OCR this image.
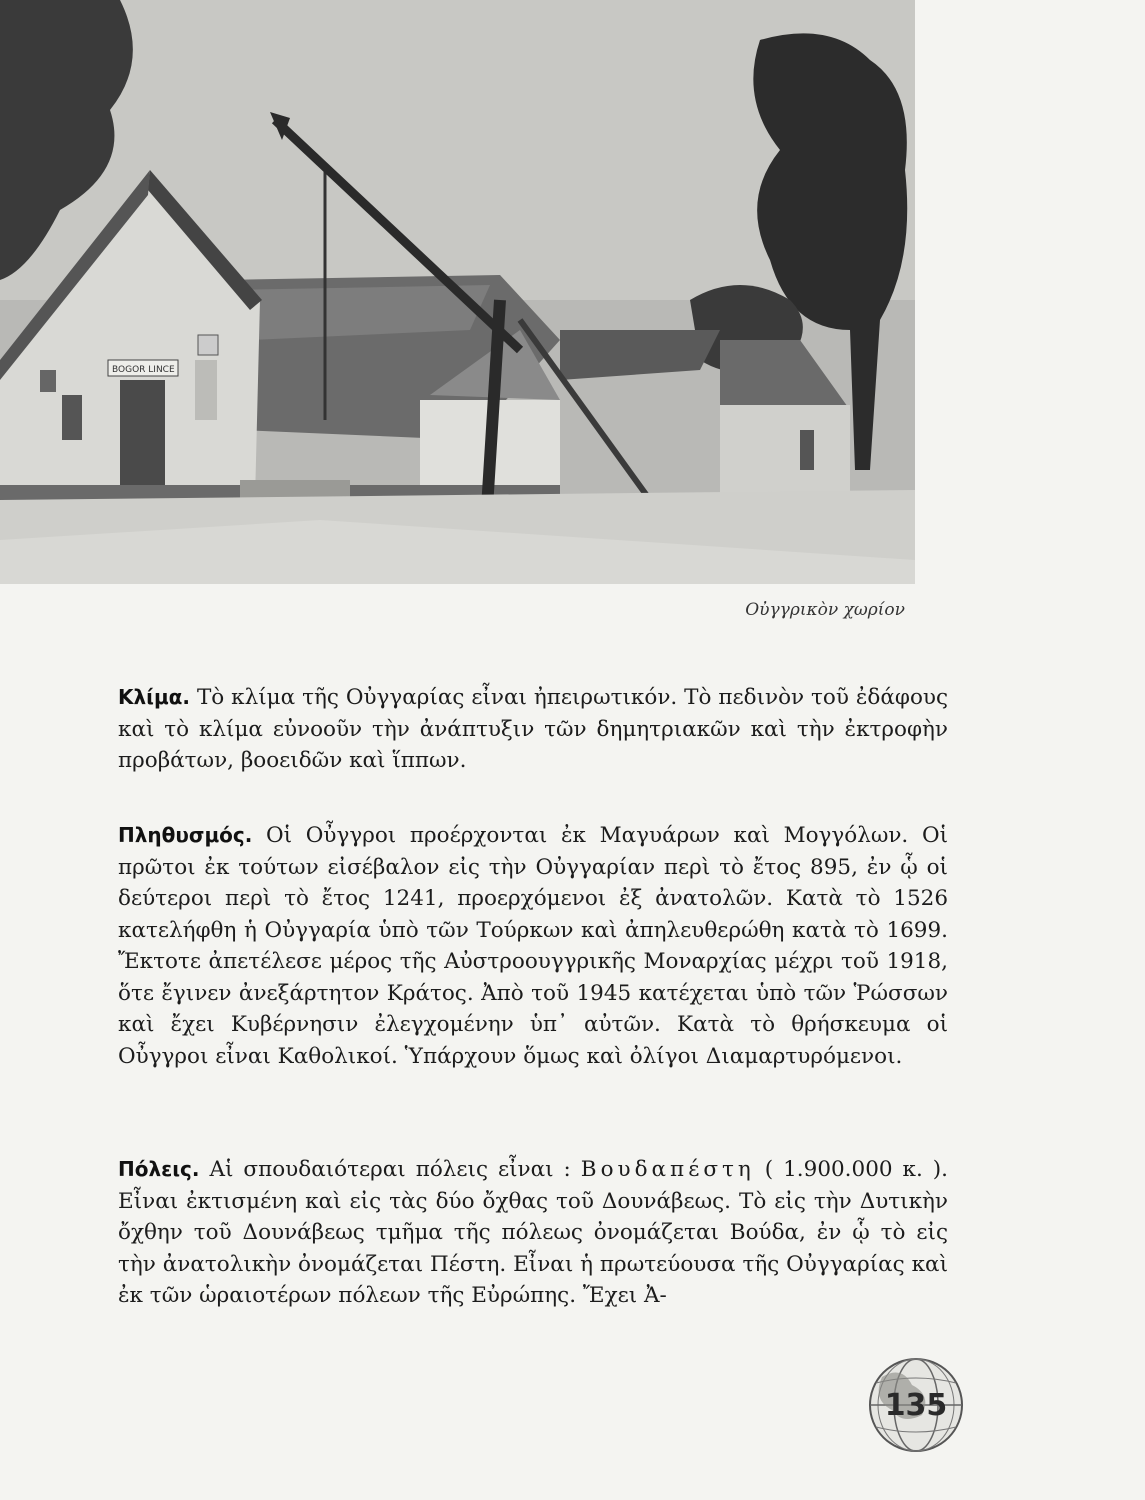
BOGOR LINCE
Οὐγγρικὸν χωρίον

Κλίμα. Τὸ κλίμα τῆς Οὐγγαρίας εἶναι ἠπειρωτικόν. Τὸ πεδινὸν τοῦ ἐδάφους καὶ τὸ κλίμα εὐνοοῦν τὴν ἀνάπτυξιν τῶν δημητριακῶν καὶ τὴν ἐκτροφὴν προβάτων, βοοειδῶν καὶ ἵππων.

Πληθυσμός. Οἱ Οὖγγροι προέρχονται ἐκ Μαγυάρων καὶ Μογγόλων. Οἱ πρῶτοι ἐκ τούτων εἰσέβαλον εἰς τὴν Οὐγγαρίαν περὶ τὸ ἔτος 895, ἐν ᾧ οἱ δεύτεροι περὶ τὸ ἔτος 1241, προερχόμενοι ἐξ ἀνατολῶν. Κατὰ τὸ 1526 κατελήφθη ἡ Οὐγγαρία ὑπὸ τῶν Τούρκων καὶ ἀπηλευθερώθη κατὰ τὸ 1699. Ἔκτοτε ἀπετέλεσε μέρος τῆς Αὐστροουγγρικῆς Μοναρχίας μέχρι τοῦ 1918, ὅτε ἔγινεν ἀνεξάρτητον Κράτος. Ἀπὸ τοῦ 1945 κατέχεται ὑπὸ τῶν Ῥώσσων καὶ ἔχει Κυβέρνησιν ἐλεγχομένην ὑπ᾽ αὐτῶν. Κατὰ τὸ θρήσκευμα οἱ Οὖγγροι εἶναι Καθολικοί. Ὑπάρχουν ὅμως καὶ ὀλίγοι Διαμαρτυρόμενοι.

Πόλεις. Αἱ σπουδαιότεραι πόλεις εἶναι : Βουδαπέστη ( 1.900.000 κ. ). Εἶναι ἐκτισμένη καὶ εἰς τὰς δύο ὄχθας τοῦ Δουνάβεως. Τὸ εἰς τὴν Δυτικὴν ὄχθην τοῦ Δουνάβεως τμῆμα τῆς πόλεως ὀνομάζεται Βούδα, ἐν ᾧ τὸ εἰς τὴν ἀνατολικὴν ὀνομάζεται Πέστη. Εἶναι ἡ πρωτεύουσα τῆς Οὐγγαρίας καὶ ἐκ τῶν ὡραιοτέρων πόλεων τῆς Εὐρώπης. Ἔχει Ἀ-

135
